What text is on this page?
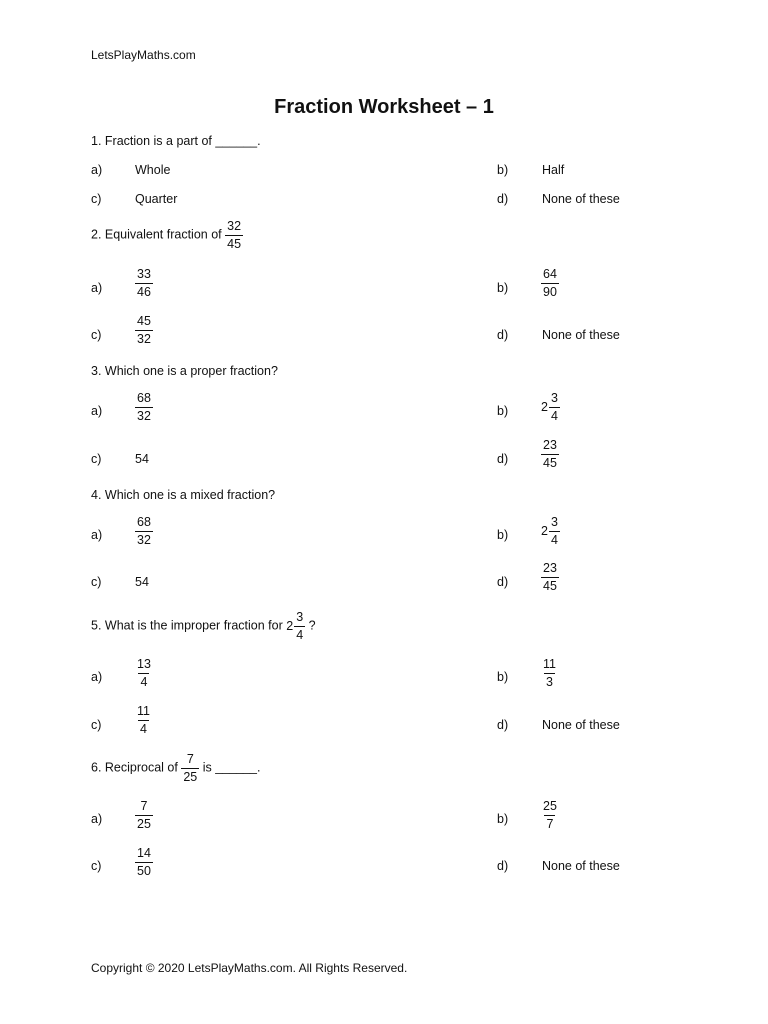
LetsPlayMaths.com
Fraction Worksheet – 1
1. Fraction is a part of ______.
a)	Whole	b)	Half
c)	Quarter	d)	None of these
2. Equivalent fraction of $\frac{32}{45}$
a)	$\frac{33}{46}$	b)	$\frac{64}{90}$
c)	$\frac{45}{32}$	d)	None of these
3. Which one is a proper fraction?
a)	$\frac{68}{32}$	b)	$2 \frac{3}{4}$
c)	54	d)	$\frac{23}{45}$
4. Which one is a mixed fraction?
a)	$\frac{68}{32}$	b)	$2 \frac{3}{4}$
c)	54	d)	$\frac{23}{45}$
5. What is the improper fraction for $2 \frac{3}{4}$ ?
a)	$\frac{13}{4}$	b)	$\frac{11}{3}$
c)	$\frac{11}{4}$	d)	None of these
6. Reciprocal of $\frac{7}{25}$ is ______.
a)	$\frac{7}{25}$	b)	$\frac{25}{7}$
c)	$\frac{14}{50}$	d)	None of these
Copyright © 2020 LetsPlayMaths.com. All Rights Reserved.
